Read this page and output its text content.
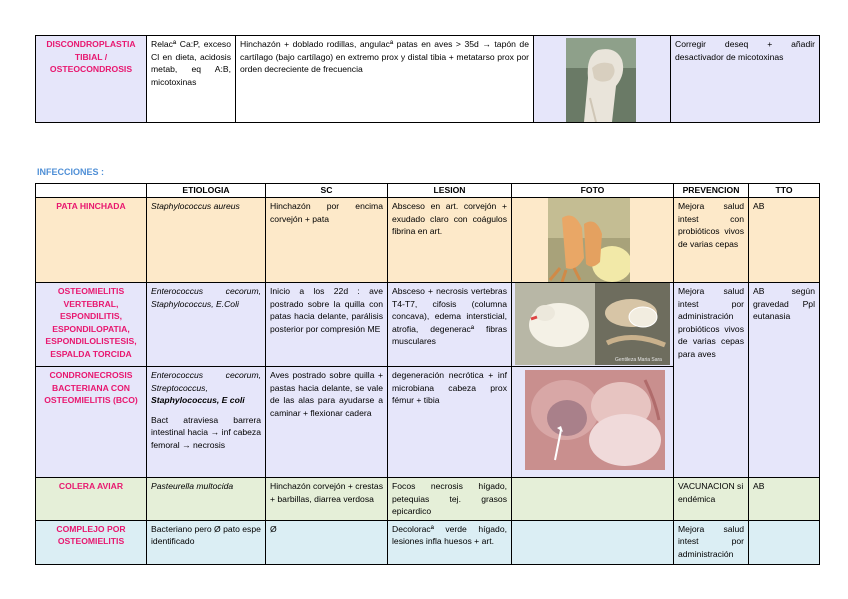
DISCONDROPLASTIA TIBIAL / OSTEOCONDROSIS	Relacª Ca:P, exceso Cl en dieta, acidosis metab, eq A:B, micotoxinas	Hinchazón + doblado rodillas, angulacª patas en aves > 35d → tapón de cartílago (bajo cartílago) en extremo prox y distal tibia + metatarso prox por orden decreciente de frecuencia		Corregir deseq + añadir desactivador de micotoxinas
INFECCIONES :
	ETIOLOGIA	SC	LESION	FOTO	PREVENCION	TTO
PATA HINCHADA	Staphylococcus aureus	Hinchazón por encima corvejón + pata	Absceso en art. corvejón + exudado claro con coágulos fibrina en art.		Mejora salud intest con probióticos vivos de varias cepas	AB
OSTEOMIELITIS VERTEBRAL, ESPONDILITIS, ESPONDILOPATIA, ESPONDILOLISTESIS, ESPALDA TORCIDA	Enterococcus cecorum, Staphylococcus, E.Coli	Inicio a los 22d : ave postrado sobre la quilla con patas hacia delante, parálisis posterior por compresión ME	Absceso + necrosis vertebras T4-T7, cifosis (columna concava), edema intersticial, atrofia, degeneracª fibras musculares		Mejora salud intest por administración probióticos vivos de varias cepas para aves	AB según gravedad Ppl eutanasia
CONDRONECROSIS BACTERIANA CON OSTEOMIELITIS (BCO)	Enterococcus cecorum, Streptococcus,
Staphylococcus, E coli

Bact atraviesa barrera intestinal hacia → inf cabeza femoral → necrosis	Aves postrado sobre quilla + pastas hacia delante, se vale de las alas para ayudarse a caminar + flexionar cadera	degeneración necrótica + inf microbiana cabeza prox fémur + tibia			
COLERA AVIAR	Pasteurella multocida	Hinchazón corvejón + crestas + barbillas, diarrea verdosa	Focos necrosis hígado, petequias tej. grasos epicardico		VACUNACION si endémica	AB
COMPLEJO POR OSTEOMIELITIS	Bacteriano pero Ø pato espe identificado	Ø	Decoloracª verde hígado, lesiones infla huesos + art.		Mejora salud intest por administración	
Gentileza Maria Sara
